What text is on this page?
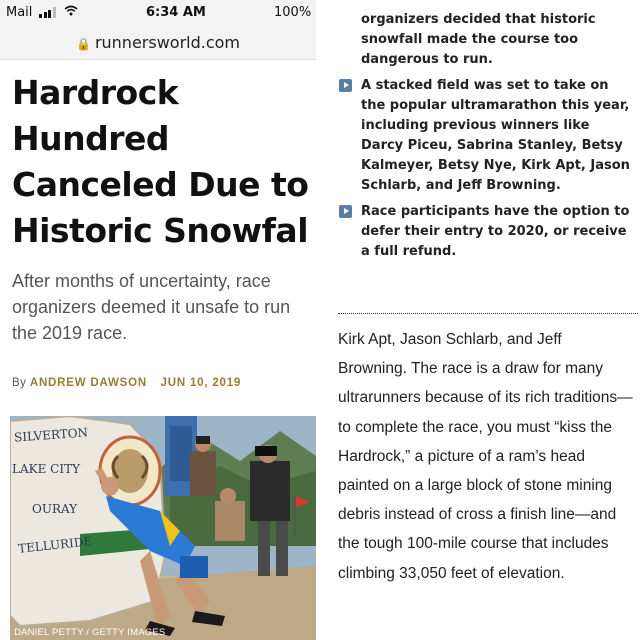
Mail	6:34 AM	100%
🔒 runnersworld.com
Hardrock
Hundred
Canceled Due to
Historic Snowfal
After months of uncertainty, race organizers deemed it unsafe to run the 2019 race.
By ANDREW DAWSON JUN 10, 2019
SILVERTON
LAKE CITY
OURAY
TELLURIDE
DANIEL PETTY / GETTY IMAGES
organizers decided that historic snowfall made the course too dangerous to run.
A stacked field was set to take on the popular ultramarathon this year, including previous winners like Darcy Piceu, Sabrina Stanley, Betsy Kalmeyer, Betsy Nye, Kirk Apt, Jason Schlarb, and Jeff Browning.
Race participants have the option to defer their entry to 2020, or receive a full refund.
Kirk Apt, Jason Schlarb, and Jeff Browning. The race is a draw for many ultrarunners because of its rich traditions—to complete the race, you must “kiss the Hardrock,” a picture of a ram’s head painted on a large block of stone mining debris instead of cross a finish line—and the tough 100-mile course that includes climbing 33,050 feet of elevation.
